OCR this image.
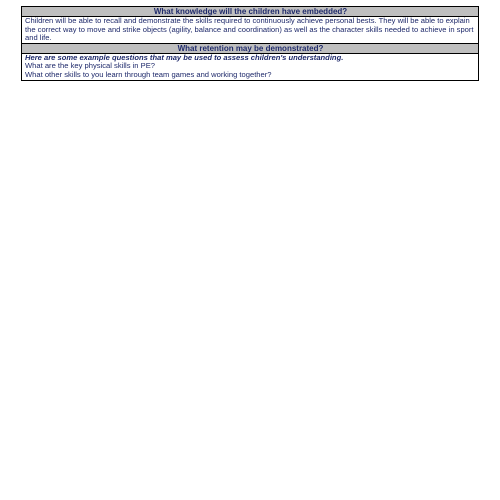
What knowledge will the children have embedded?

Children will be able to recall and demonstrate the skills required to continuously achieve personal bests. They will be able to explain the correct way to move and strike objects (agility, balance and coordination) as well as the character skills needed to achieve in sport and life.

What retention may be demonstrated?

Here are some example questions that may be used to assess children's understanding.

What are the key physical skills in PE?

What other skills to you learn through team games and working together?
